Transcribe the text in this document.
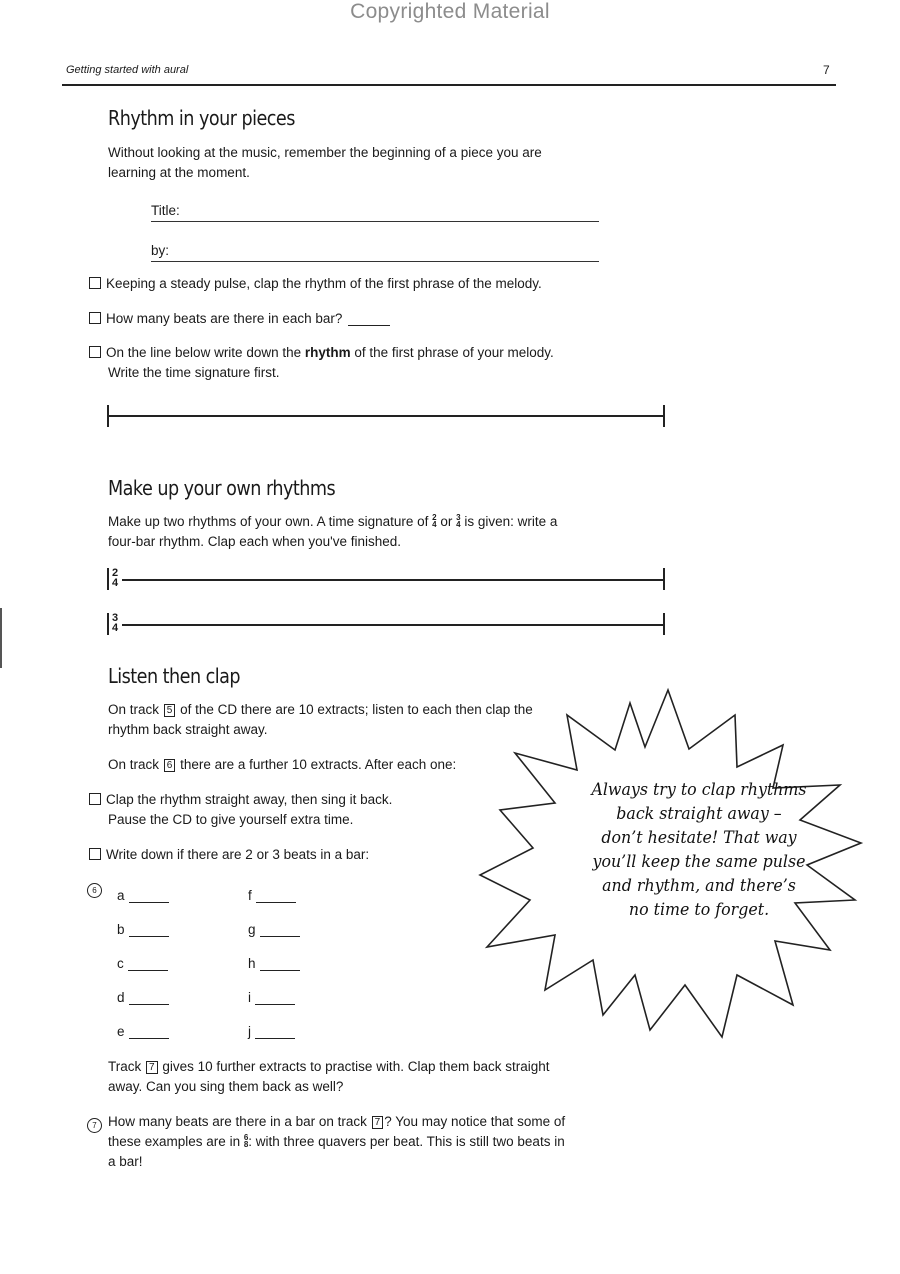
Copyrighted Material
Getting started with aural	7
Rhythm in your pieces
Without looking at the music, remember the beginning of a piece you are
learning at the moment.
Title:
by:
Keeping a steady pulse, clap the rhythm of the first phrase of the melody.
How many beats are there in each bar?
On the line below write down the rhythm of the first phrase of your melody.
Write the time signature first.
Make up your own rhythms
Make up two rhythms of your own. A time signature of 2
4 or 3
4 is given: write a
four-bar rhythm. Clap each when you've finished.
2
4
3
4
Listen then clap
On track 5 of the CD there are 10 extracts; listen to each then clap the
rhythm back straight away.
On track 6 there are a further 10 extracts. After each one:
Clap the rhythm straight away, then sing it back.
Pause the CD to give yourself extra time.
Write down if there are 2 or 3 beats in a bar:
6	a
b
c
d
e
f
g
h
i
j
Track 7 gives 10 further extracts to practise with. Clap them back straight
away. Can you sing them back as well?
7 How many beats are there in a bar on track 7 ? You may notice that some of
these examples are in 6
8: with three quavers per beat. This is still two beats in
a bar!
Always try to clap rhythms
back straight away –
don’t hesitate! That way
you’ll keep the same pulse
and rhythm, and there’s
no time to forget.
